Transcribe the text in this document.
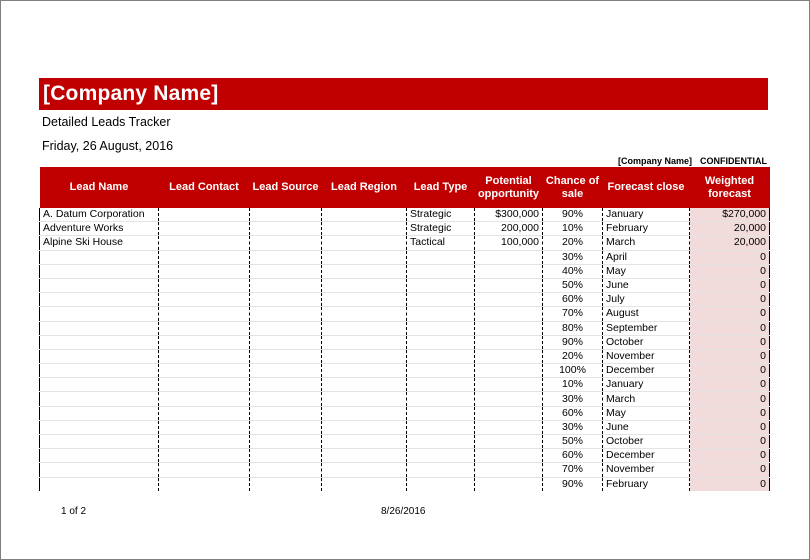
[Company Name]
Detailed Leads Tracker
Friday, 26 August, 2016
[Company Name] CONFIDENTIAL
Lead Name	Lead Contact	Lead Source	Lead Region	Lead Type	Potential opportunity	Chance of sale	Forecast close	Weighted forecast
A. Datum Corporation				Strategic	$300,000	90%	January	$270,000
Adventure Works				Strategic	200,000	10%	February	20,000
Alpine Ski House				Tactical	100,000	20%	March	20,000
						30%	April	0
						40%	May	0
						50%	June	0
						60%	July	0
						70%	August	0
						80%	September	0
						90%	October	0
						20%	November	0
						100%	December	0
						10%	January	0
						30%	March	0
						60%	May	0
						30%	June	0
						50%	October	0
						60%	December	0
						70%	November	0
						90%	February	0
1 of 2	8/26/2016
